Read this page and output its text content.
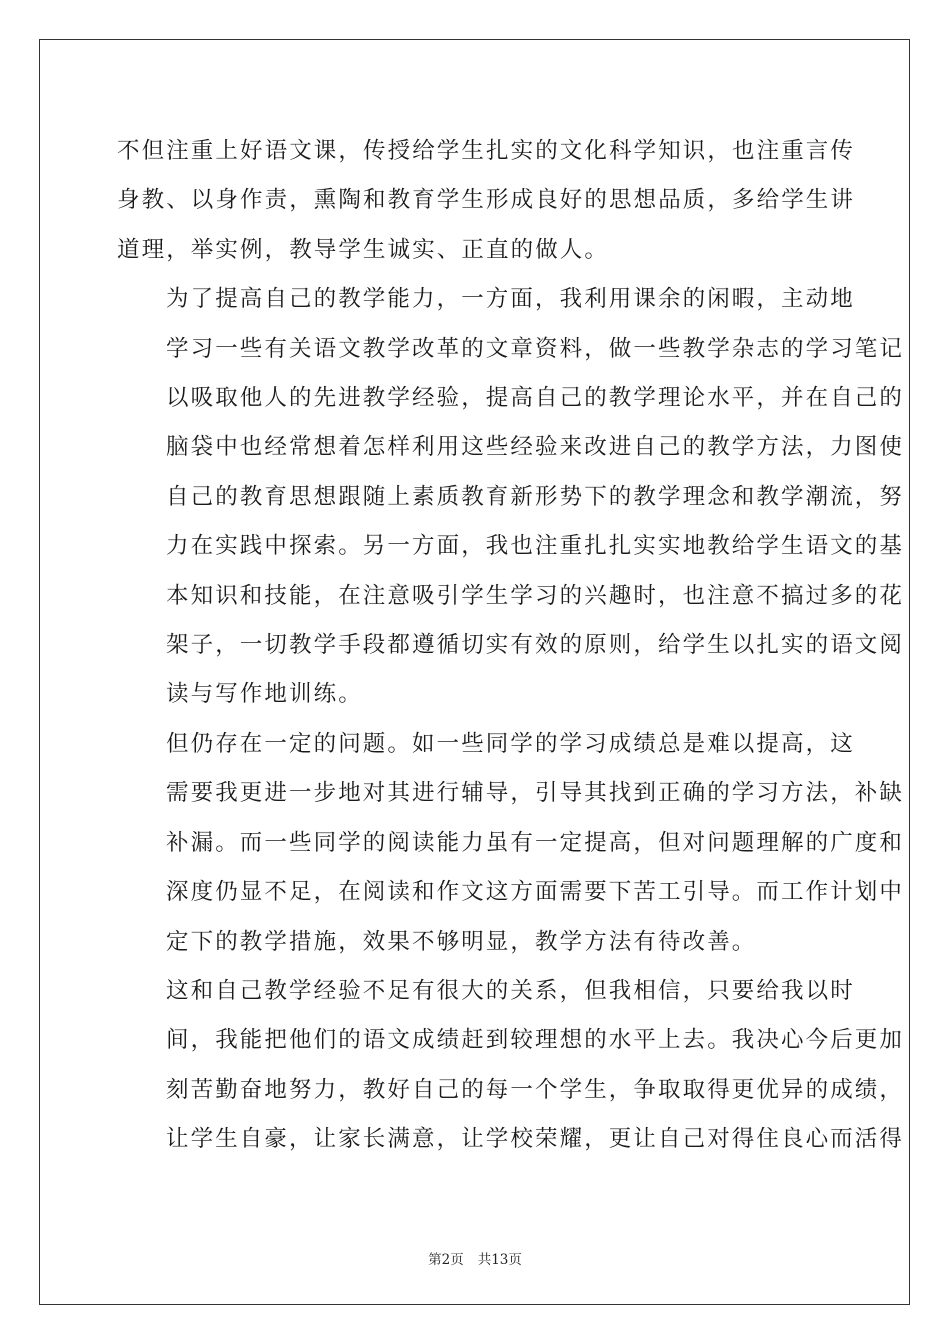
不但注重上好语文课，传授给学生扎实的文化科学知识，也注重言传
身教、以身作责，熏陶和教育学生形成良好的思想品质，多给学生讲
道理，举实例，教导学生诚实、正直的做人。

为了提高自己的教学能力，一方面，我利用课余的闲暇，主动地
学习一些有关语文教学改革的文章资料，做一些教学杂志的学习笔记
以吸取他人的先进教学经验，提高自己的教学理论水平，并在自己的
脑袋中也经常想着怎样利用这些经验来改进自己的教学方法，力图使
自己的教育思想跟随上素质教育新形势下的教学理念和教学潮流，努
力在实践中探索。另一方面，我也注重扎扎实实地教给学生语文的基
本知识和技能，在注意吸引学生学习的兴趣时，也注意不搞过多的花
架子，一切教学手段都遵循切实有效的原则，给学生以扎实的语文阅
读与写作地训练。

但仍存在一定的问题。如一些同学的学习成绩总是难以提高，这
需要我更进一步地对其进行辅导，引导其找到正确的学习方法，补缺
补漏。而一些同学的阅读能力虽有一定提高，但对问题理解的广度和
深度仍显不足，在阅读和作文这方面需要下苦工引导。而工作计划中
定下的教学措施，效果不够明显，教学方法有待改善。

这和自己教学经验不足有很大的关系，但我相信，只要给我以时
间，我能把他们的语文成绩赶到较理想的水平上去。我决心今后更加
刻苦勤奋地努力，教好自己的每一个学生，争取取得更优异的成绩，
让学生自豪，让家长满意，让学校荣耀，更让自己对得住良心而活得

第2页 共13页
